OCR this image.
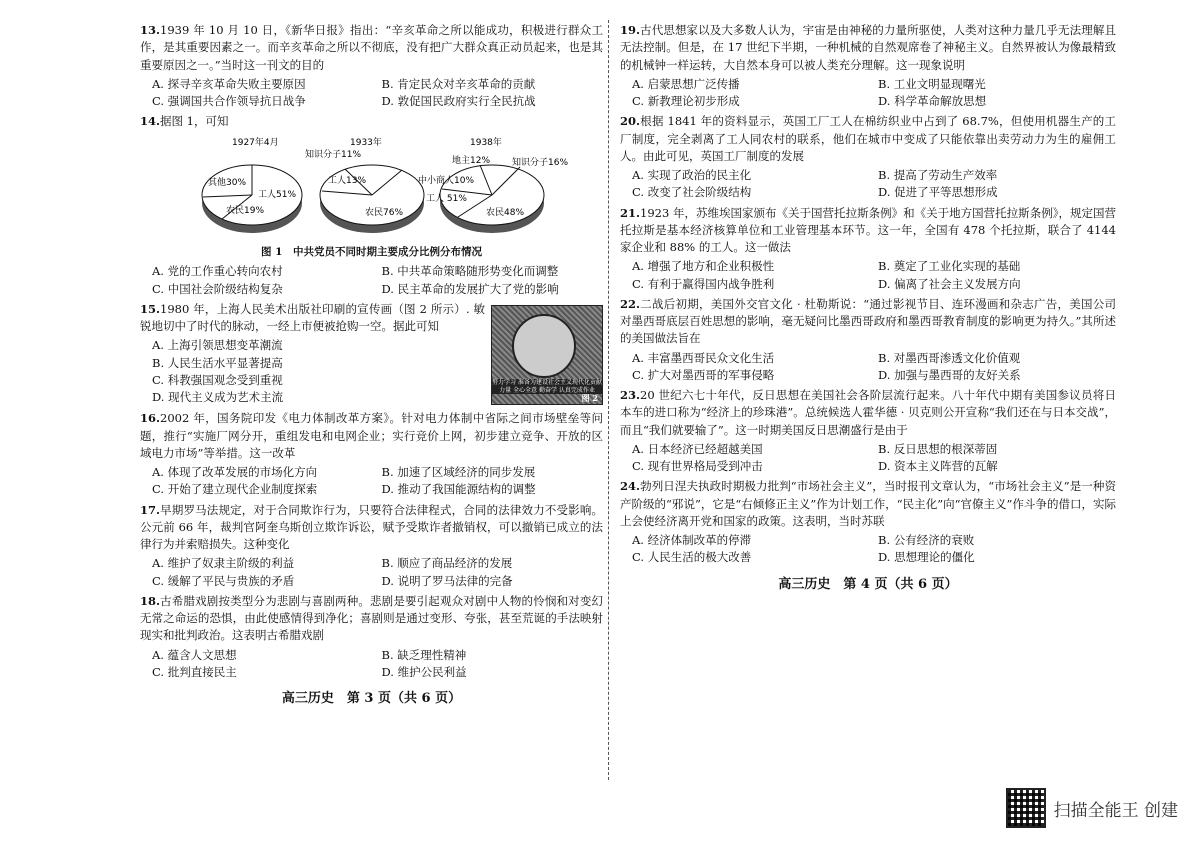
13.1939 年 10 月 10 日，《新华日报》指出：“辛亥革命之所以能成功，积极进行群众工作，是其重要因素之一。而辛亥革命之所以不彻底，没有把广大群众真正动员起来，也是其重要原因之一。”当时这一刊文的目的

A. 探寻辛亥革命失败主要原因	B. 肯定民众对辛亥革命的贡献
C. 强调国共合作领导抗日战争	D. 敦促国民政府实行全民抗战

14.据图 1，可知

1927年4月
工人51%
其他30%
农民19%
1933年
知识分子11%
工人13%
农民76%
1938年
地主12% 知识分子16%
中小商人10%
工人 51%
农民48%

图 1　中共党员不同时期主要成分比例分布情况

A. 党的工作重心转向农村	B. 中共革命策略随形势变化而调整
C. 中国社会阶级结构复杂	D. 民主革命的发展扩大了党的影响
努力学习 准备为建设社会主义现代化贡献力量 全心全意 勤奋学 认真完成作业
图 2

15.1980 年，上海人民美术出版社印刷的宣传画（图 2 所示）. 敏锐地切中了时代的脉动，一经上市便被抢购一空。据此可知

A. 上海引领思想变革潮流
B. 人民生活水平显著提高
C. 科教强国观念受到重视
D. 现代主义成为艺术主流

16.2002 年，国务院印发《电力体制改革方案》。针对电力体制中省际之间市场壁垒等问题，推行“实施厂网分开，重组发电和电网企业；实行竞价上网，初步建立竞争、开放的区域电力市场”等举措。这一改革

A. 体现了改革发展的市场化方向	B. 加速了区域经济的同步发展
C. 开始了建立现代企业制度探索	D. 推动了我国能源结构的调整

17.早期罗马法规定，对于合同欺诈行为，只要符合法律程式，合同的法律效力不受影响。公元前 66 年，裁判官阿奎乌斯创立欺诈诉讼，赋予受欺诈者撤销权，可以撤销已成立的法律行为并索赔损失。这种变化

A. 维护了奴隶主阶级的利益	B. 顺应了商品经济的发展
C. 缓解了平民与贵族的矛盾	D. 说明了罗马法律的完备

18.古希腊戏剧按类型分为悲剧与喜剧两种。悲剧是要引起观众对剧中人物的怜悯和对变幻无常之命运的恐惧，由此使感情得到净化；喜剧则是通过变形、夸张，甚至荒诞的手法映射现实和批判政治。这表明古希腊戏剧

A. 蕴含人文思想	B. 缺乏理性精神
C. 批判直接民主	D. 维护公民利益
高三历史　第 3 页（共 6 页）

19.古代思想家以及大多数人认为，宇宙是由神秘的力量所驱使，人类对这种力量几乎无法理解且无法控制。但是，在 17 世纪下半期，一种机械的自然观席卷了神秘主义。自然界被认为像最精致的机械钟一样运转，大自然本身可以被人类充分理解。这一现象说明

A. 启蒙思想广泛传播	B. 工业文明显现曙光
C. 新教理论初步形成	D. 科学革命解放思想

20.根据 1841 年的资料显示，英国工厂工人在棉纺织业中占到了 68.7%，但使用机器生产的工厂制度，完全剥离了工人同农村的联系，他们在城市中变成了只能依靠出卖劳动力为生的雇佣工人。由此可见，英国工厂制度的发展

A. 实现了政治的民主化	B. 提高了劳动生产效率
C. 改变了社会阶级结构	D. 促进了平等思想形成

21.1923 年，苏维埃国家颁布《关于国营托拉斯条例》和《关于地方国营托拉斯条例》，规定国营托拉斯是基本经济核算单位和工业管理基本环节。这一年，全国有 478 个托拉斯，联合了 4144 家企业和 88% 的工人。这一做法

A. 增强了地方和企业积极性	B. 奠定了工业化实现的基础
C. 有利于赢得国内战争胜利	D. 偏离了社会主义发展方向

22.二战后初期，美国外交官文化 · 杜勒斯说：“通过影视节目、连环漫画和杂志广告，美国公司对墨西哥底层百姓思想的影响，毫无疑问比墨西哥政府和墨西哥教育制度的影响更为持久。”其所述的美国做法旨在

A. 丰富墨西哥民众文化生活	B. 对墨西哥渗透文化价值观
C. 扩大对墨西哥的军事侵略	D. 加强与墨西哥的友好关系

23.20 世纪六七十年代，反日思想在美国社会各阶层流行起来。八十年代中期有美国参议员将日本车的进口称为“经济上的珍珠港”。总统候选人霍华德 · 贝克则公开宣称“我们还在与日本交战”，而且“我们就要输了”。这一时期美国反日思潮盛行是由于

A. 日本经济已经超越美国	B. 反日思想的根深蒂固
C. 现有世界格局受到冲击	D. 资本主义阵营的瓦解

24.勃列日涅夫执政时期极力批判“市场社会主义”，当时报刊文章认为，“市场社会主义”是一种资产阶级的“邪说”，它是“右倾修正主义”作为计划工作，“民主化”向“官僚主义”作斗争的借口，实际上会使经济离开党和国家的政策。这表明，当时苏联

A. 经济体制改革的停滞	B. 公有经济的衰败
C. 人民生活的极大改善	D. 思想理论的僵化
高三历史　第 4 页（共 6 页）
扫描全能王 创建
